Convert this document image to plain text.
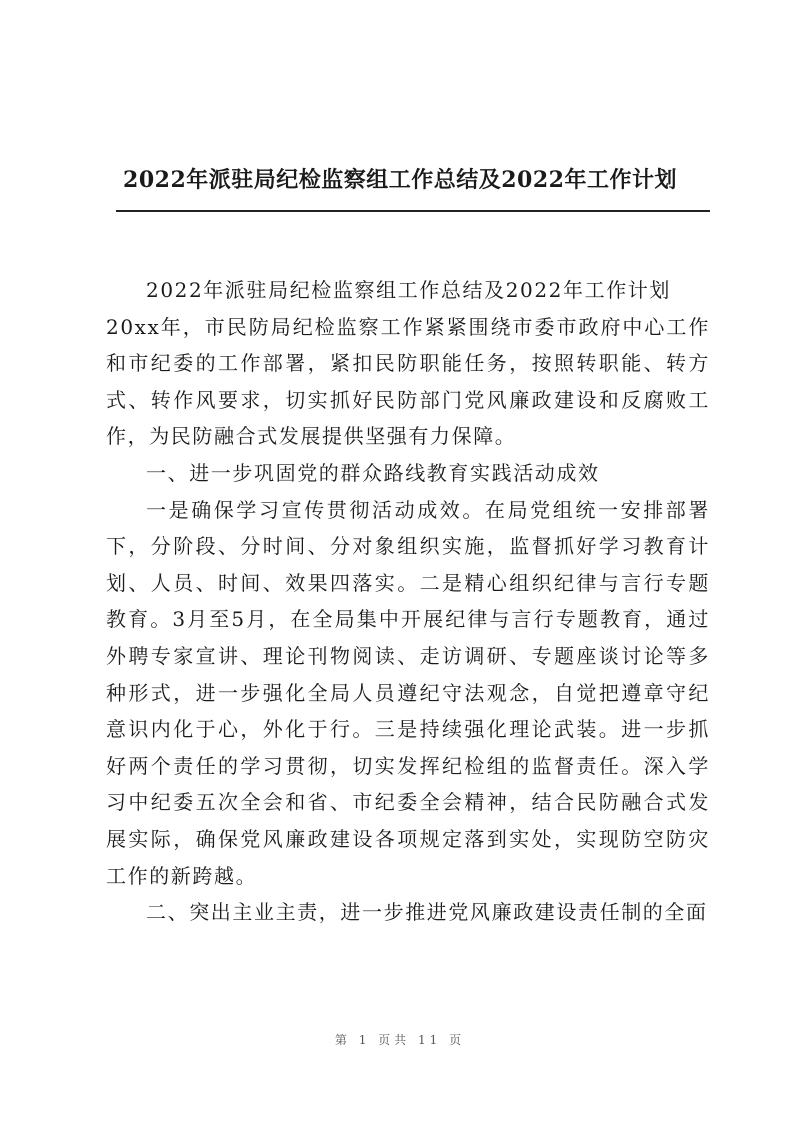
2022年派驻局纪检监察组工作总结及2022年工作计划

2022年派驻局纪检监察组工作总结及2022年工作计划

20xx年，市民防局纪检监察工作紧紧围绕市委市政府中心工作和市纪委的工作部署，紧扣民防职能任务，按照转职能、转方式、转作风要求，切实抓好民防部门党风廉政建设和反腐败工作，为民防融合式发展提供坚强有力保障。

一、进一步巩固党的群众路线教育实践活动成效

一是确保学习宣传贯彻活动成效。在局党组统一安排部署下，分阶段、分时间、分对象组织实施，监督抓好学习教育计划、人员、时间、效果四落实。二是精心组织纪律与言行专题教育。3月至5月，在全局集中开展纪律与言行专题教育，通过外聘专家宣讲、理论刊物阅读、走访调研、专题座谈讨论等多种形式，进一步强化全局人员遵纪守法观念，自觉把遵章守纪意识内化于心，外化于行。三是持续强化理论武装。进一步抓好两个责任的学习贯彻，切实发挥纪检组的监督责任。深入学习中纪委五次全会和省、市纪委全会精神，结合民防融合式发展实际，确保党风廉政建设各项规定落到实处，实现防空防灾工作的新跨越。

二、突出主业主责，进一步推进党风廉政建设责任制的全面

第 1 页共 11 页
